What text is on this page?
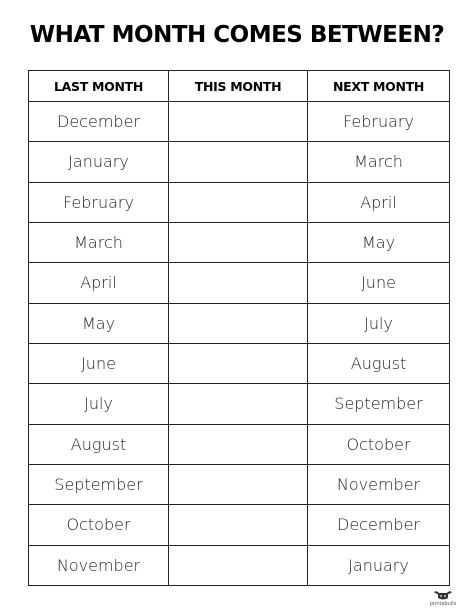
WHAT MONTH COMES BETWEEN?
LAST MONTH	THIS MONTH	NEXT MONTH
December		February
January		March
February		April
March		May
April		June
May		July
June		August
July		September
August		October
September		November
October		December
November		January
printabulls
